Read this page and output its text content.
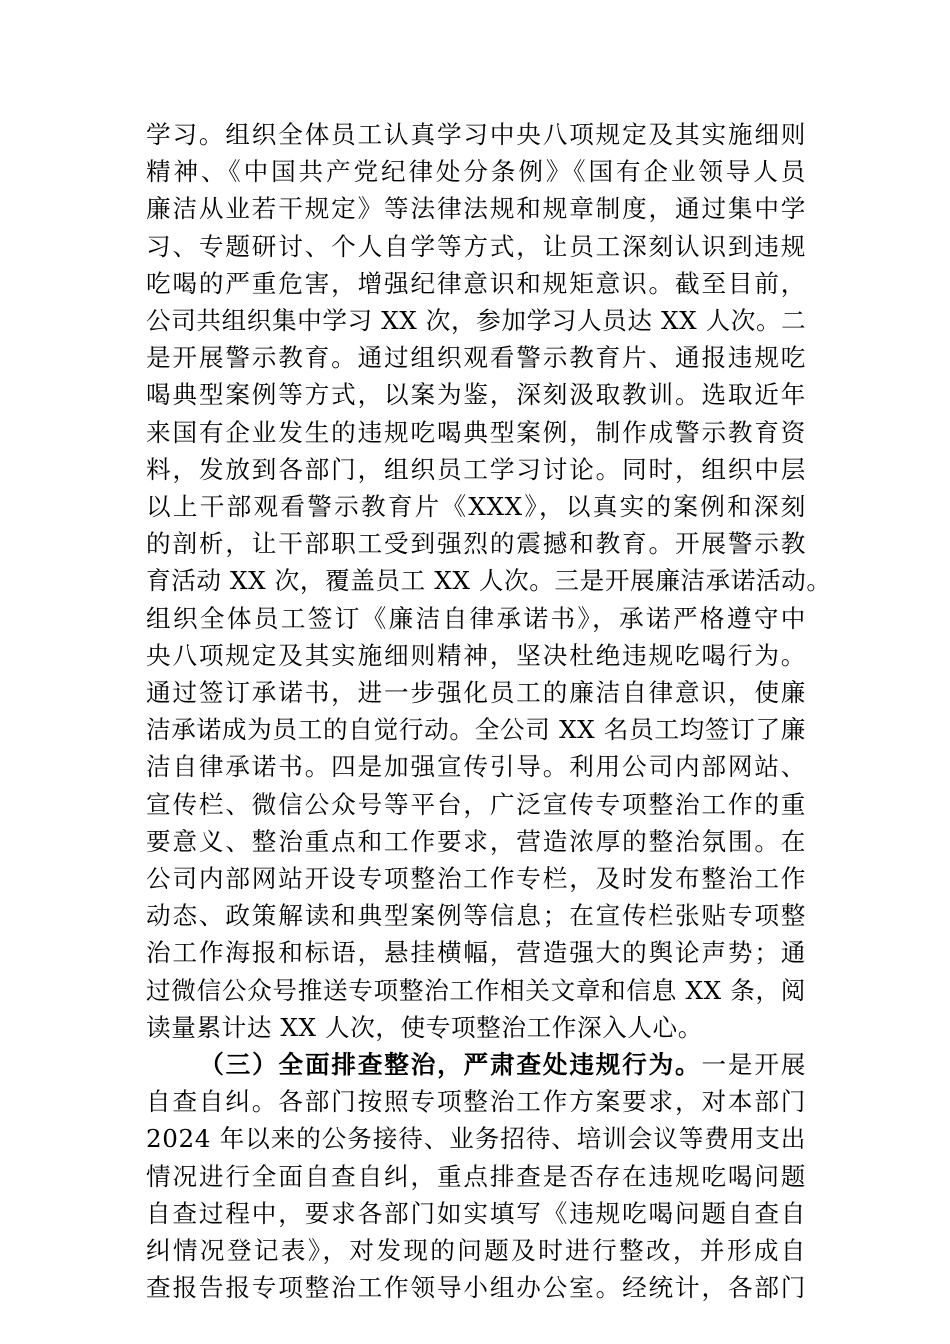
学习。组织全体员工认真学习中央八项规定及其实施细则
精神、《中国共产党纪律处分条例》《国有企业领导人员
廉洁从业若干规定》等法律法规和规章制度，通过集中学
习、专题研讨、个人自学等方式，让员工深刻认识到违规
吃喝的严重危害，增强纪律意识和规矩意识。截至目前，
公司共组织集中学习 XX 次，参加学习人员达 XX 人次。二
是开展警示教育。通过组织观看警示教育片、通报违规吃
喝典型案例等方式，以案为鉴，深刻汲取教训。选取近年
来国有企业发生的违规吃喝典型案例，制作成警示教育资
料，发放到各部门，组织员工学习讨论。同时，组织中层
以上干部观看警示教育片《XXX》，以真实的案例和深刻
的剖析，让干部职工受到强烈的震撼和教育。开展警示教
育活动 XX 次，覆盖员工 XX 人次。三是开展廉洁承诺活动。
组织全体员工签订《廉洁自律承诺书》，承诺严格遵守中
央八项规定及其实施细则精神，坚决杜绝违规吃喝行为。
通过签订承诺书，进一步强化员工的廉洁自律意识，使廉
洁承诺成为员工的自觉行动。全公司 XX 名员工均签订了廉
洁自律承诺书。四是加强宣传引导。利用公司内部网站、
宣传栏、微信公众号等平台，广泛宣传专项整治工作的重
要意义、整治重点和工作要求，营造浓厚的整治氛围。在
公司内部网站开设专项整治工作专栏，及时发布整治工作
动态、政策解读和典型案例等信息；在宣传栏张贴专项整
治工作海报和标语，悬挂横幅，营造强大的舆论声势；通
过微信公众号推送专项整治工作相关文章和信息 XX 条，阅
读量累计达 XX 人次，使专项整治工作深入人心。
（三）全面排查整治，严肃查处违规行为。一是开展
自查自纠。各部门按照专项整治工作方案要求，对本部门
2024 年以来的公务接待、业务招待、培训会议等费用支出
情况进行全面自查自纠，重点排查是否存在违规吃喝问题
自查过程中，要求各部门如实填写《违规吃喝问题自查自
纠情况登记表》，对发现的问题及时进行整改，并形成自
查报告报专项整治工作领导小组办公室。经统计，各部门
